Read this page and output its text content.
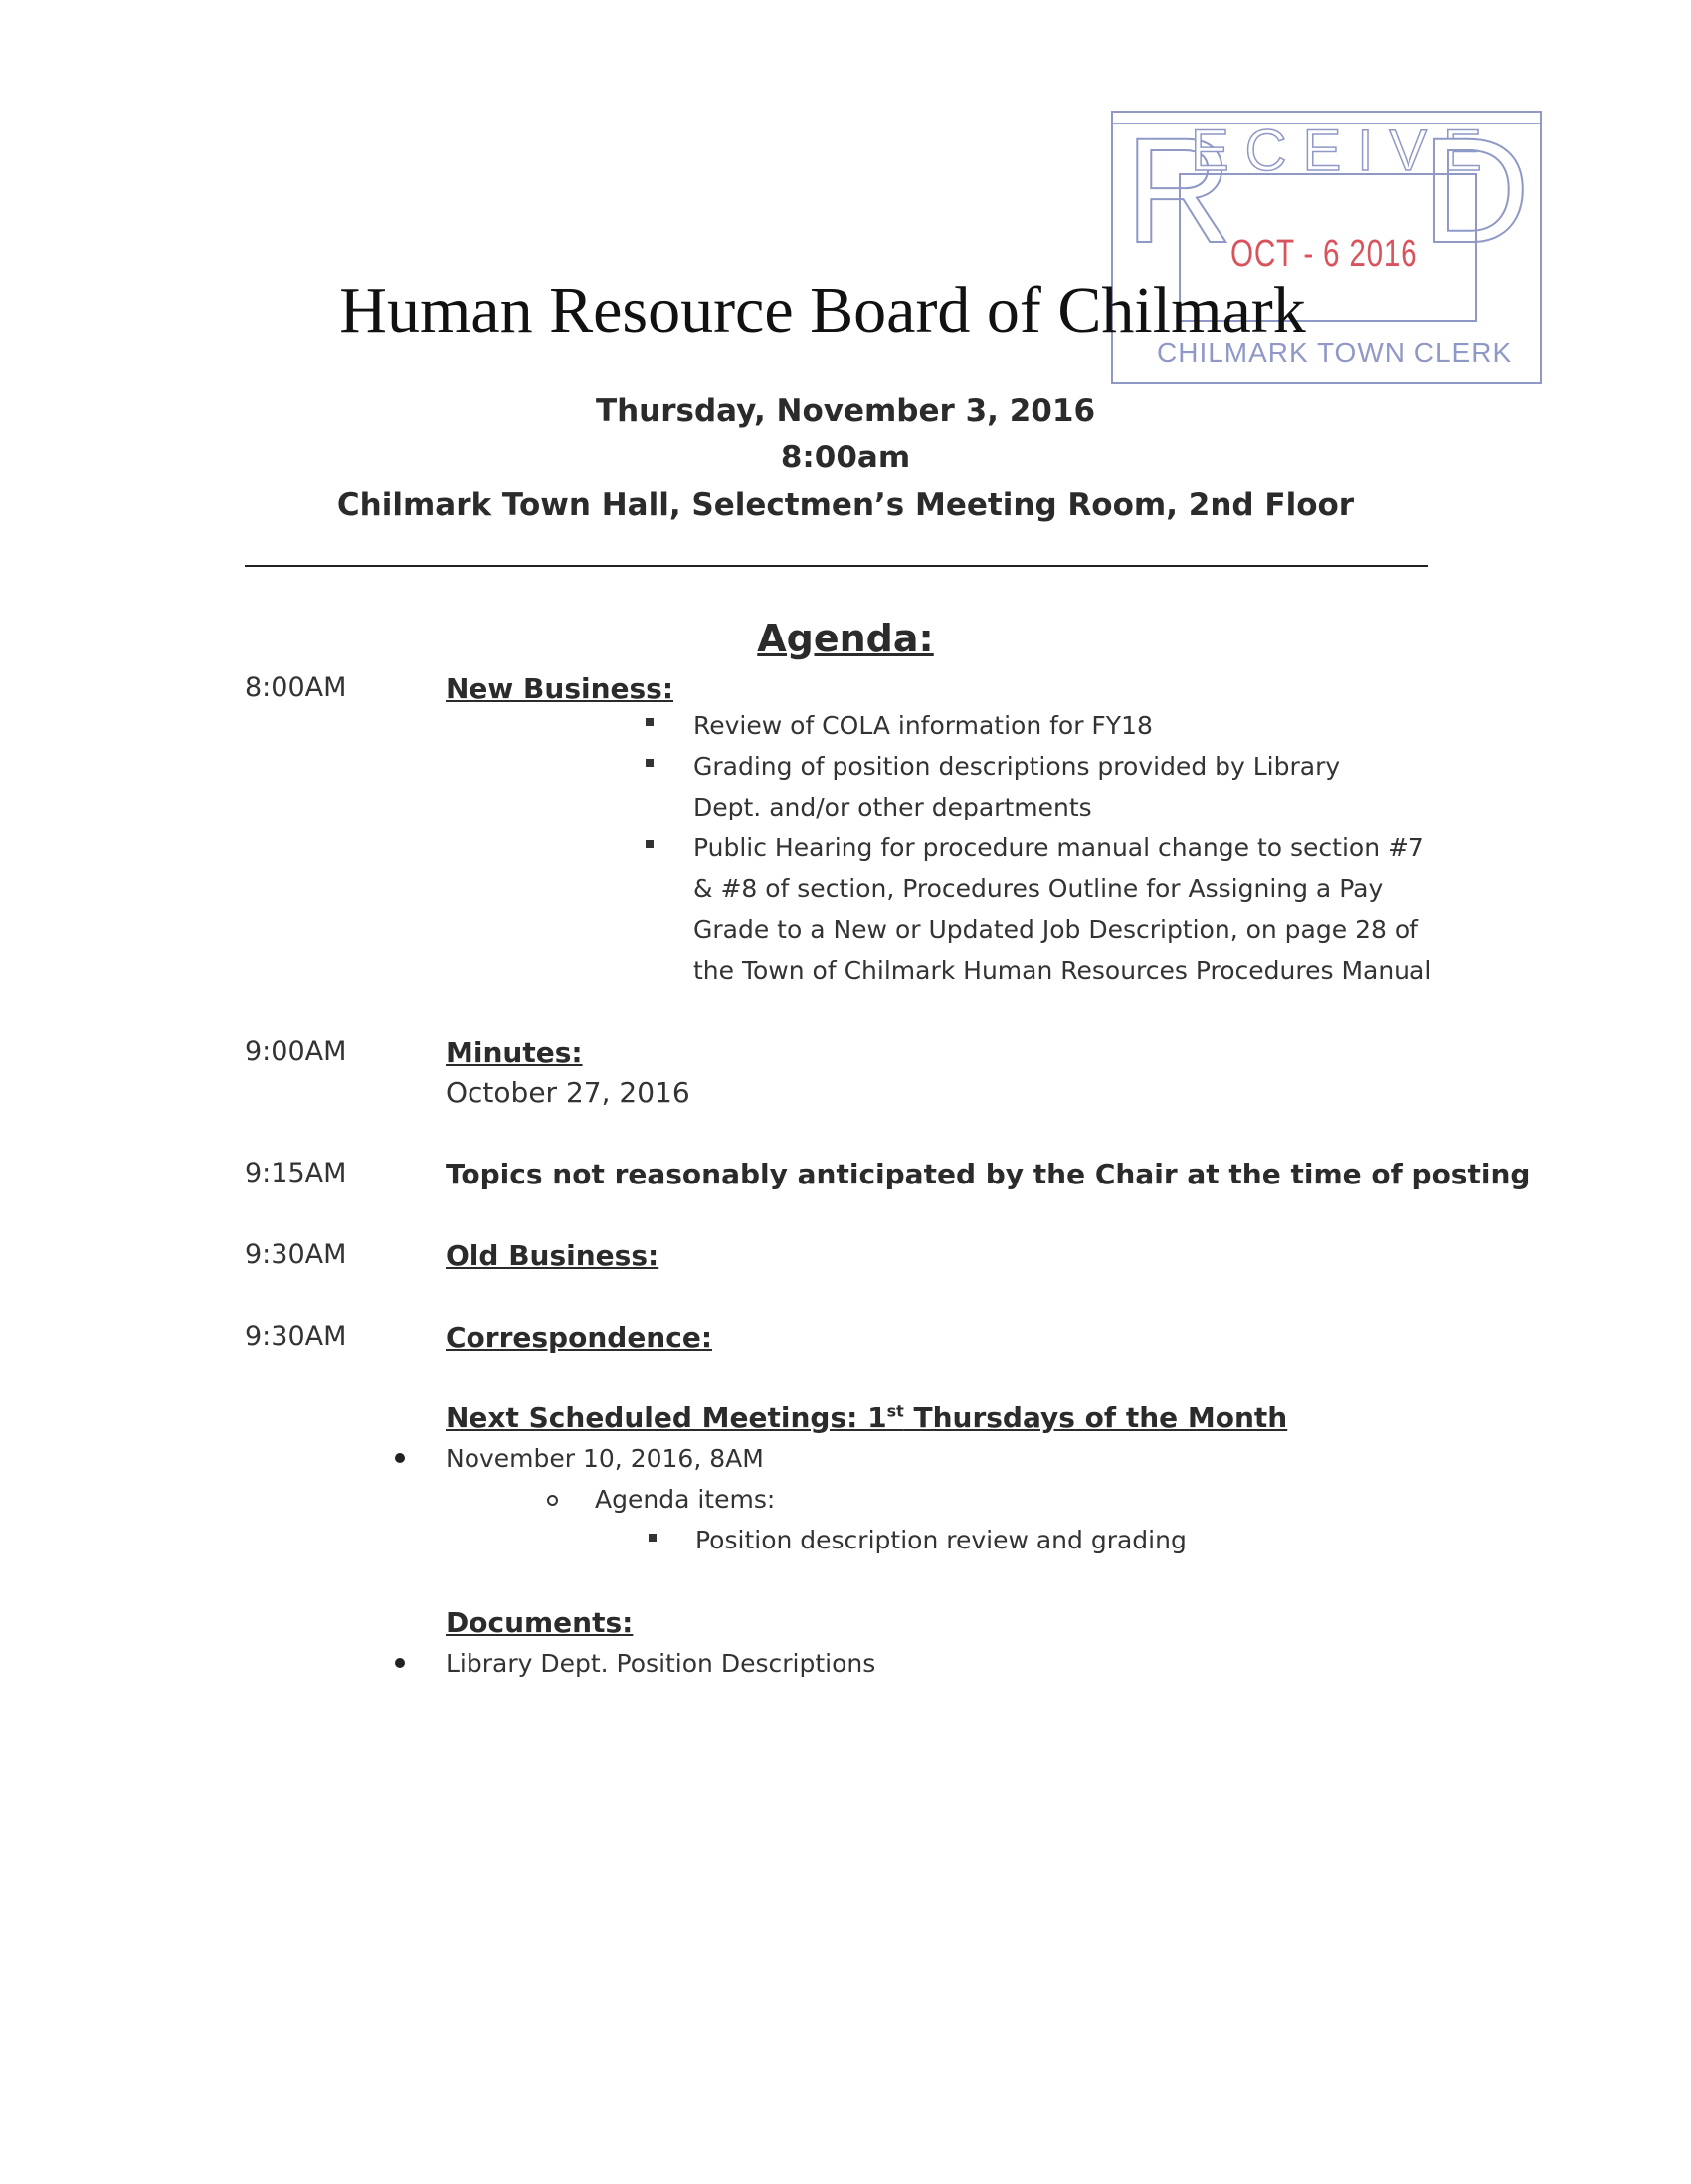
R
ECEIVE
D
OCT - 6 2016
CHILMARK TOWN CLERK
Human Resource Board of Chilmark
Thursday, November 3, 2016
8:00am
Chilmark Town Hall, Selectmen’s Meeting Room, 2nd Floor
Agenda:
8:00AM	New Business:
Review of COLA information for FY18
Grading of position descriptions provided by Library Dept. and/or other departments
Public Hearing for procedure manual change to section #7 & #8 of section, Procedures Outline for Assigning a Pay Grade to a New or Updated Job Description, on page 28 of the Town of Chilmark Human Resources Procedures Manual
9:00AM	Minutes:
October 27, 2016
9:15AM	Topics not reasonably anticipated by the Chair at the time of posting
9:30AM	Old Business:
9:30AM	Correspondence:
Next Scheduled Meetings: 1st Thursdays of the Month
November 10, 2016, 8AM
Agenda items:
Position description review and grading
Documents:
Library Dept. Position Descriptions
